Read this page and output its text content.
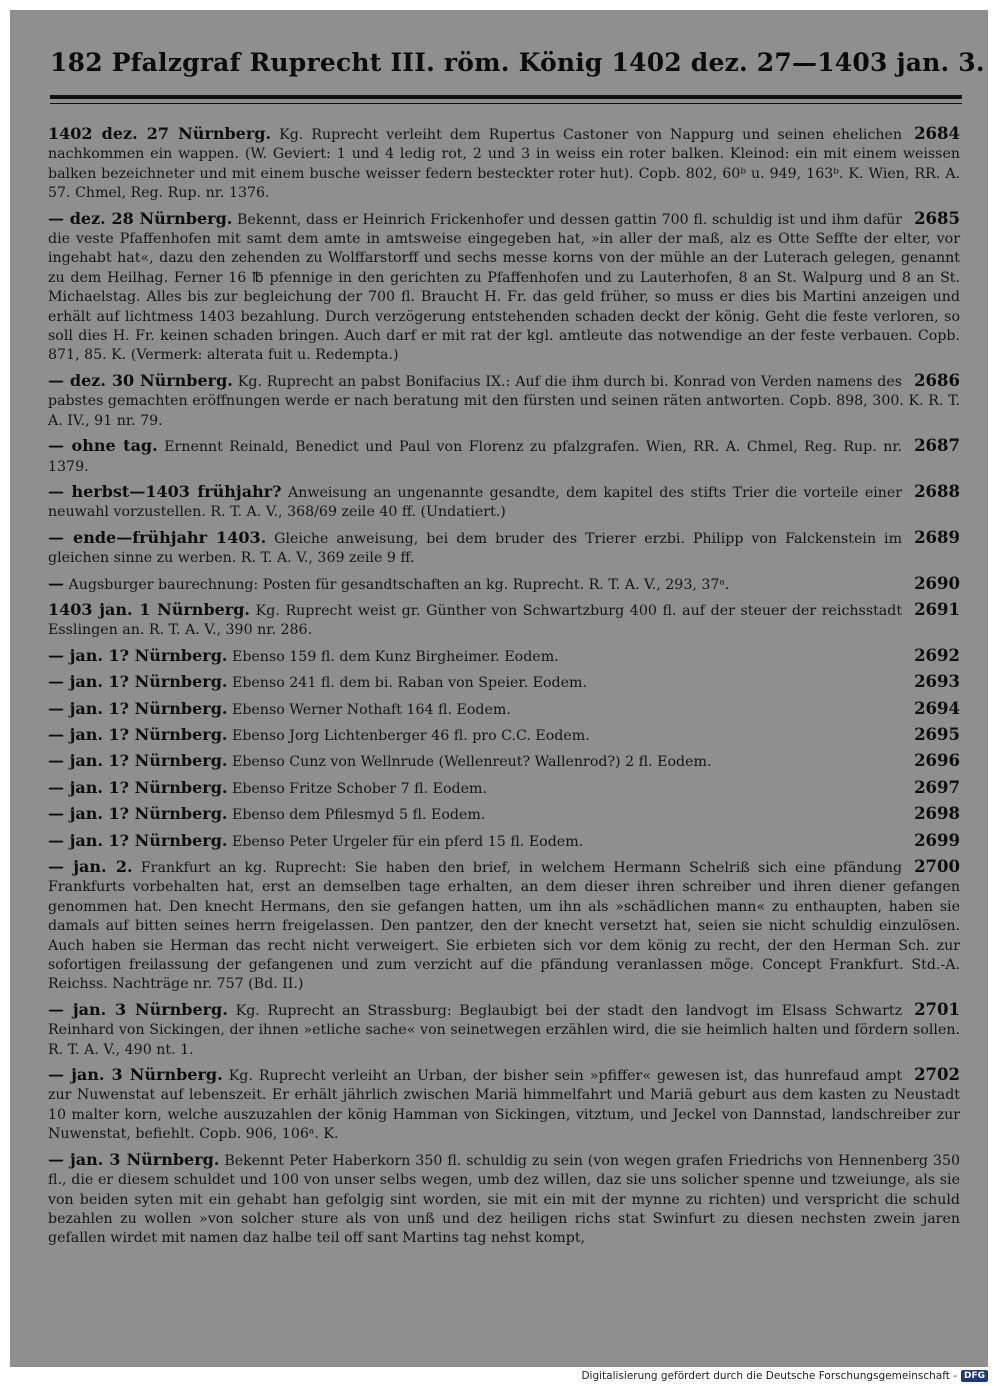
182 Pfalzgraf Ruprecht III. röm. König 1402 dez. 27—1403 jan. 3.
2684
1402 dez. 27 Nürnberg. Kg. Ruprecht verleiht dem Rupertus Castoner von Nappurg und seinen ehelichen nachkommen ein wappen. (W. Geviert: 1 und 4 ledig rot, 2 und 3 in weiss ein roter balken. Kleinod: ein mit einem weissen balken bezeichneter und mit einem busche weisser federn besteckter roter hut). Copb. 802, 60ᵇ u. 949, 163ᵇ. K. Wien, RR. A. 57. Chmel, Reg. Rup. nr. 1376.
2685
— dez. 28 Nürnberg. Bekennt, dass er Heinrich Frickenhofer und dessen gattin 700 fl. schuldig ist und ihm dafür die veste Pfaffenhofen mit samt dem amte in amtsweise eingegeben hat, »in aller der maß, alz es Otte Seffte der elter, vor ingehabt hat«, dazu den zehenden zu Wolffarstorff und sechs messe korns von der mühle an der Luterach gelegen, genannt zu dem Heilhag. Ferner 16 ℔ pfennige in den gerichten zu Pfaffenhofen und zu Lauterhofen, 8 an St. Walpurg und 8 an St. Michaelstag. Alles bis zur begleichung der 700 fl. Braucht H. Fr. das geld früher, so muss er dies bis Martini anzeigen und erhält auf lichtmess 1403 bezahlung. Durch verzögerung entstehenden schaden deckt der könig. Geht die feste verloren, so soll dies H. Fr. keinen schaden bringen. Auch darf er mit rat der kgl. amtleute das notwendige an der feste verbauen. Copb. 871, 85. K. (Vermerk: alterata fuit u. Redempta.)
2686
— dez. 30 Nürnberg. Kg. Ruprecht an pabst Bonifacius IX.: Auf die ihm durch bi. Konrad von Verden namens des pabstes gemachten eröffnungen werde er nach beratung mit den fürsten und seinen räten antworten. Copb. 898, 300. K. R. T. A. IV., 91 nr. 79.
2687
— ohne tag. Ernennt Reinald, Benedict und Paul von Florenz zu pfalzgrafen. Wien, RR. A. Chmel, Reg. Rup. nr. 1379.
2688
— herbst—1403 frühjahr? Anweisung an ungenannte gesandte, dem kapitel des stifts Trier die vorteile einer neuwahl vorzustellen. R. T. A. V., 368/69 zeile 40 ff. (Undatiert.)
2689
— ende—frühjahr 1403. Gleiche anweisung, bei dem bruder des Trierer erzbi. Philipp von Falckenstein im gleichen sinne zu werben. R. T. A. V., 369 zeile 9 ff.
2690
— Augsburger baurechnung: Posten für gesandtschaften an kg. Ruprecht. R. T. A. V., 293, 37ᵃ.
2691
1403 jan. 1 Nürnberg. Kg. Ruprecht weist gr. Günther von Schwartzburg 400 fl. auf der steuer der reichsstadt Esslingen an. R. T. A. V., 390 nr. 286.
2692
— jan. 1? Nürnberg. Ebenso 159 fl. dem Kunz Birgheimer. Eodem.
2693
— jan. 1? Nürnberg. Ebenso 241 fl. dem bi. Raban von Speier. Eodem.
2694
— jan. 1? Nürnberg. Ebenso Werner Nothaft 164 fl. Eodem.
2695
— jan. 1? Nürnberg. Ebenso Jorg Lichtenberger 46 fl. pro C.C. Eodem.
2696
— jan. 1? Nürnberg. Ebenso Cunz von Wellnrude (Wellenreut? Wallenrod?) 2 fl. Eodem.
2697
— jan. 1? Nürnberg. Ebenso Fritze Schober 7 fl. Eodem.
2698
— jan. 1? Nürnberg. Ebenso dem Pfilesmyd 5 fl. Eodem.
2699
— jan. 1? Nürnberg. Ebenso Peter Urgeler für ein pferd 15 fl. Eodem.
2700
— jan. 2. Frankfurt an kg. Ruprecht: Sie haben den brief, in welchem Hermann Schelriß sich eine pfändung Frankfurts vorbehalten hat, erst an demselben tage erhalten, an dem dieser ihren schreiber und ihren diener gefangen genommen hat. Den knecht Hermans, den sie gefangen hatten, um ihn als »schädlichen mann« zu enthaupten, haben sie damals auf bitten seines herrn freigelassen. Den pantzer, den der knecht versetzt hat, seien sie nicht schuldig einzulösen. Auch haben sie Herman das recht nicht verweigert. Sie erbieten sich vor dem könig zu recht, der den Herman Sch. zur sofortigen freilassung der gefangenen und zum verzicht auf die pfändung veranlassen möge. Concept Frankfurt. Std.-A. Reichss. Nachträge nr. 757 (Bd. II.)
2701
— jan. 3 Nürnberg. Kg. Ruprecht an Strassburg: Beglaubigt bei der stadt den landvogt im Elsass Schwartz Reinhard von Sickingen, der ihnen »etliche sache« von seinetwegen erzählen wird, die sie heimlich halten und fördern sollen. R. T. A. V., 490 nt. 1.
2702
— jan. 3 Nürnberg. Kg. Ruprecht verleiht an Urban, der bisher sein »pfiffer« gewesen ist, das hunrefaud ampt zur Nuwenstat auf lebenszeit. Er erhält jährlich zwischen Mariä himmelfahrt und Mariä geburt aus dem kasten zu Neustadt 10 malter korn, welche auszuzahlen der könig Hamman von Sickingen, vitztum, und Jeckel von Dannstad, landschreiber zur Nuwenstat, befiehlt. Copb. 906, 106ᵃ. K.
— jan. 3 Nürnberg. Bekennt Peter Haberkorn 350 fl. schuldig zu sein (von wegen grafen Friedrichs von Hennenberg 350 fl., die er diesem schuldet und 100 von unser selbs wegen, umb dez willen, daz sie uns solicher spenne und tzweiunge, als sie von beiden syten mit ein gehabt han gefolgig sint worden, sie mit ein mit der mynne zu richten) und verspricht die schuld bezahlen zu wollen »von solcher sture als von unß und dez heiligen richs stat Swinfurt zu diesen nechsten zwein jaren gefallen wirdet mit namen daz halbe teil off sant Martins tag nehst kompt,
Digitalisierung gefördert durch die Deutsche Forschungsgemeinschaft - DFG
